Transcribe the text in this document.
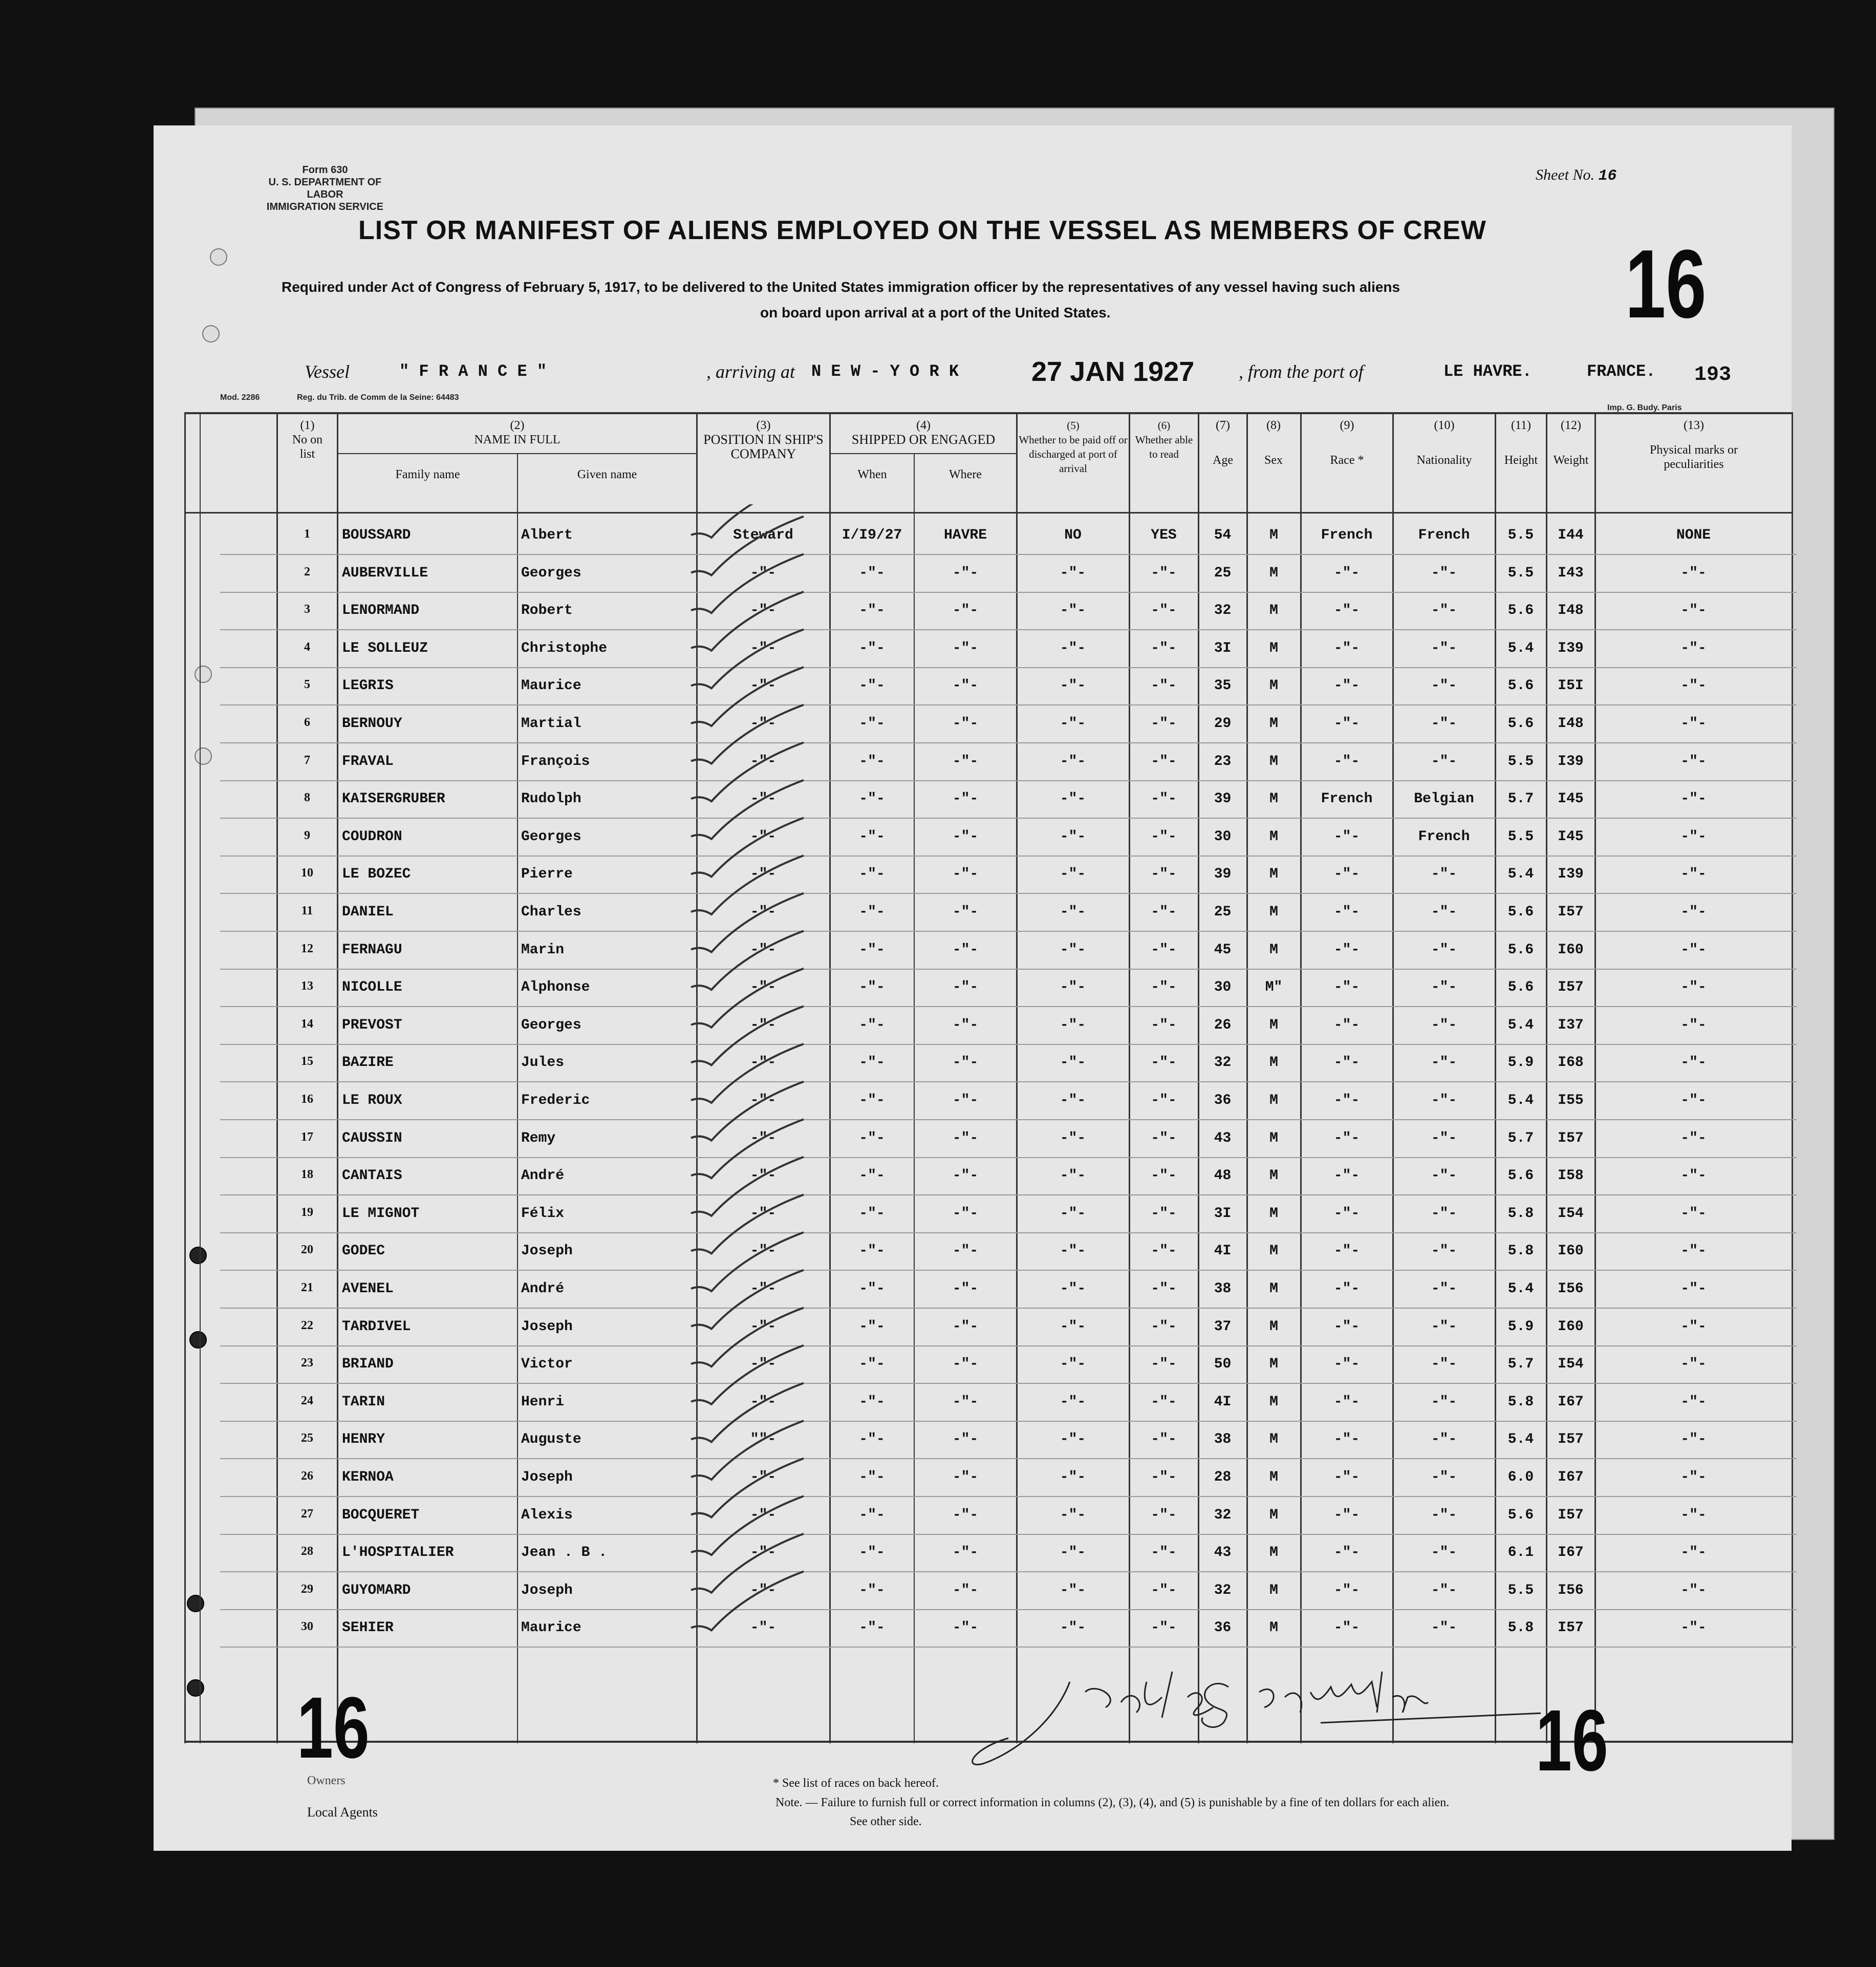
Form 630
U. S. DEPARTMENT OF LABOR
IMMIGRATION SERVICE
Sheet No. 16
LIST OR MANIFEST OF ALIENS EMPLOYED ON THE VESSEL AS MEMBERS OF CREW
Required under Act of Congress of February 5, 1917, to be delivered to the United States immigration officer by the representatives of any vessel having such aliens
on board upon arrival at a port of the United States.	16
Vessel	" F R A N C E "	, arriving at N E W - Y O R K	27 JAN 1927 , from the port of	LE HAVRE.	FRANCE. 193
Mod. 2286	Reg. du Trib. de Comm de la Seine: 64483
Imp. G. Budy. Paris
(1)
No on list
(2)
NAME IN FULL
Family name	Given name
(3)
POSITION IN SHIP'S COMPANY
(4)
SHIPPED OR ENGAGED
When	Where
(5)
Whether to be paid off or discharged at port of arrival
(6)
Whether able to read
(7)
Age
(8)
Sex
(9)
Race *
(10)
Nationality
(11)
Height
(12)
Weight
(13)
Physical marks or peculiarities
1	BOUSSARD	Albert	Steward	I/I9/27	HAVRE	NO	YES	54	M	French	French	5.5	I44	NONE
2	AUBERVILLE	Georges	-"-	-"-	-"-	-"-	-"-	25	M	-"-	-"-	5.5	I43	-"-
3	LENORMAND	Robert	-"-	-"-	-"-	-"-	-"-	32	M	-"-	-"-	5.6	I48	-"-
4	LE SOLLEUZ	Christophe	-"-	-"-	-"-	-"-	-"-	3I	M	-"-	-"-	5.4	I39	-"-
5	LEGRIS	Maurice	-"-	-"-	-"-	-"-	-"-	35	M	-"-	-"-	5.6	I5I	-"-
6	BERNOUY	Martial	-"-	-"-	-"-	-"-	-"-	29	M	-"-	-"-	5.6	I48	-"-
7	FRAVAL	François	-"-	-"-	-"-	-"-	-"-	23	M	-"-	-"-	5.5	I39	-"-
8	KAISERGRUBER	Rudolph	-"-	-"-	-"-	-"-	-"-	39	M	French	Belgian	5.7	I45	-"-
9	COUDRON	Georges	-"-	-"-	-"-	-"-	-"-	30	M	-"-	French	5.5	I45	-"-
10	LE BOZEC	Pierre	-"-	-"-	-"-	-"-	-"-	39	M	-"-	-"-	5.4	I39	-"-
11	DANIEL	Charles	-"-	-"-	-"-	-"-	-"-	25	M	-"-	-"-	5.6	I57	-"-
12	FERNAGU	Marin	-"-	-"-	-"-	-"-	-"-	45	M	-"-	-"-	5.6	I60	-"-
13	NICOLLE	Alphonse	-"-	-"-	-"-	-"-	-"-	30	M"	-"-	-"-	5.6	I57	-"-
14	PREVOST	Georges	-"-	-"-	-"-	-"-	-"-	26	M	-"-	-"-	5.4	I37	-"-
15	BAZIRE	Jules	-"-	-"-	-"-	-"-	-"-	32	M	-"-	-"-	5.9	I68	-"-
16	LE ROUX	Frederic	-"-	-"-	-"-	-"-	-"-	36	M	-"-	-"-	5.4	I55	-"-
17	CAUSSIN	Remy	-"-	-"-	-"-	-"-	-"-	43	M	-"-	-"-	5.7	I57	-"-
18	CANTAIS	André	-"-	-"-	-"-	-"-	-"-	48	M	-"-	-"-	5.6	I58	-"-
19	LE MIGNOT	Félix	-"-	-"-	-"-	-"-	-"-	3I	M	-"-	-"-	5.8	I54	-"-
20	GODEC	Joseph	-"-	-"-	-"-	-"-	-"-	4I	M	-"-	-"-	5.8	I60	-"-
21	AVENEL	André	-"-	-"-	-"-	-"-	-"-	38	M	-"-	-"-	5.4	I56	-"-
22	TARDIVEL	Joseph	-"-	-"-	-"-	-"-	-"-	37	M	-"-	-"-	5.9	I60	-"-
23	BRIAND	Victor	-"-	-"-	-"-	-"-	-"-	50	M	-"-	-"-	5.7	I54	-"-
24	TARIN	Henri	-"-	-"-	-"-	-"-	-"-	4I	M	-"-	-"-	5.8	I67	-"-
25	HENRY	Auguste	""-	-"-	-"-	-"-	-"-	38	M	-"-	-"-	5.4	I57	-"-
26	KERNOA	Joseph	-"-	-"-	-"-	-"-	-"-	28	M	-"-	-"-	6.0	I67	-"-
27	BOCQUERET	Alexis	-"-	-"-	-"-	-"-	-"-	32	M	-"-	-"-	5.6	I57	-"-
28	L'HOSPITALIER	Jean . B .	-"-	-"-	-"-	-"-	-"-	43	M	-"-	-"-	6.1	I67	-"-
29	GUYOMARD	Joseph	-"-	-"-	-"-	-"-	-"-	32	M	-"-	-"-	5.5	I56	-"-
30	SEHIER	Maurice	-"-	-"-	-"-	-"-	-"-	36	M	-"-	-"-	5.8	I57	-"-
16	16
Owners
Local Agents
* See list of races on back hereof.
Note. — Failure to furnish full or correct information in columns (2), (3), (4), and (5) is punishable by a fine of ten dollars for each alien.
See other side.
